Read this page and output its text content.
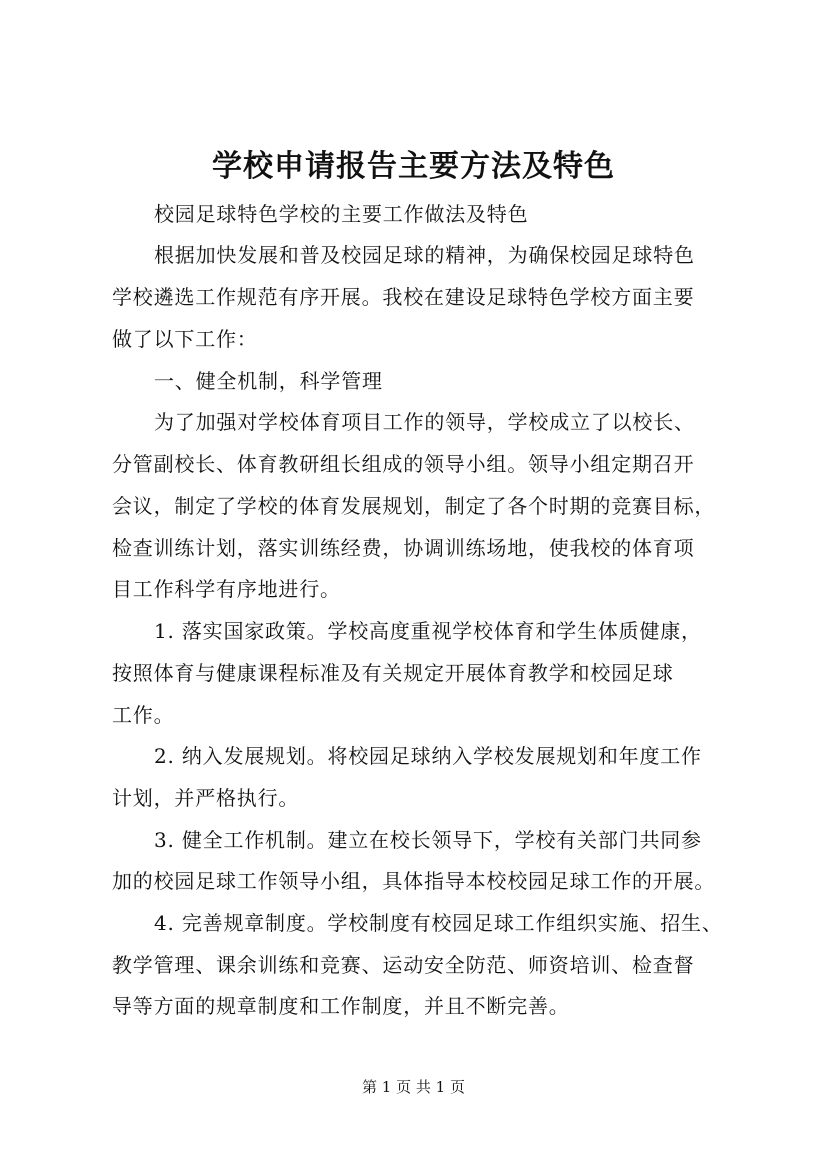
学校申请报告主要方法及特色
校园足球特色学校的主要工作做法及特色
根据加快发展和普及校园足球的精神，为确保校园足球特色
学校遴选工作规范有序开展。我校在建设足球特色学校方面主要
做了以下工作：
一、健全机制，科学管理
为了加强对学校体育项目工作的领导，学校成立了以校长、
分管副校长、体育教研组长组成的领导小组。领导小组定期召开
会议，制定了学校的体育发展规划，制定了各个时期的竞赛目标，
检查训练计划，落实训练经费，协调训练场地，使我校的体育项
目工作科学有序地进行。
1. 落实国家政策。学校高度重视学校体育和学生体质健康，
按照体育与健康课程标准及有关规定开展体育教学和校园足球
工作。
2. 纳入发展规划。将校园足球纳入学校发展规划和年度工作
计划，并严格执行。
3. 健全工作机制。建立在校长领导下，学校有关部门共同参
加的校园足球工作领导小组，具体指导本校校园足球工作的开展。
4. 完善规章制度。学校制度有校园足球工作组织实施、招生、
教学管理、课余训练和竞赛、运动安全防范、师资培训、检查督
导等方面的规章制度和工作制度，并且不断完善。
第 1 页 共 1 页
